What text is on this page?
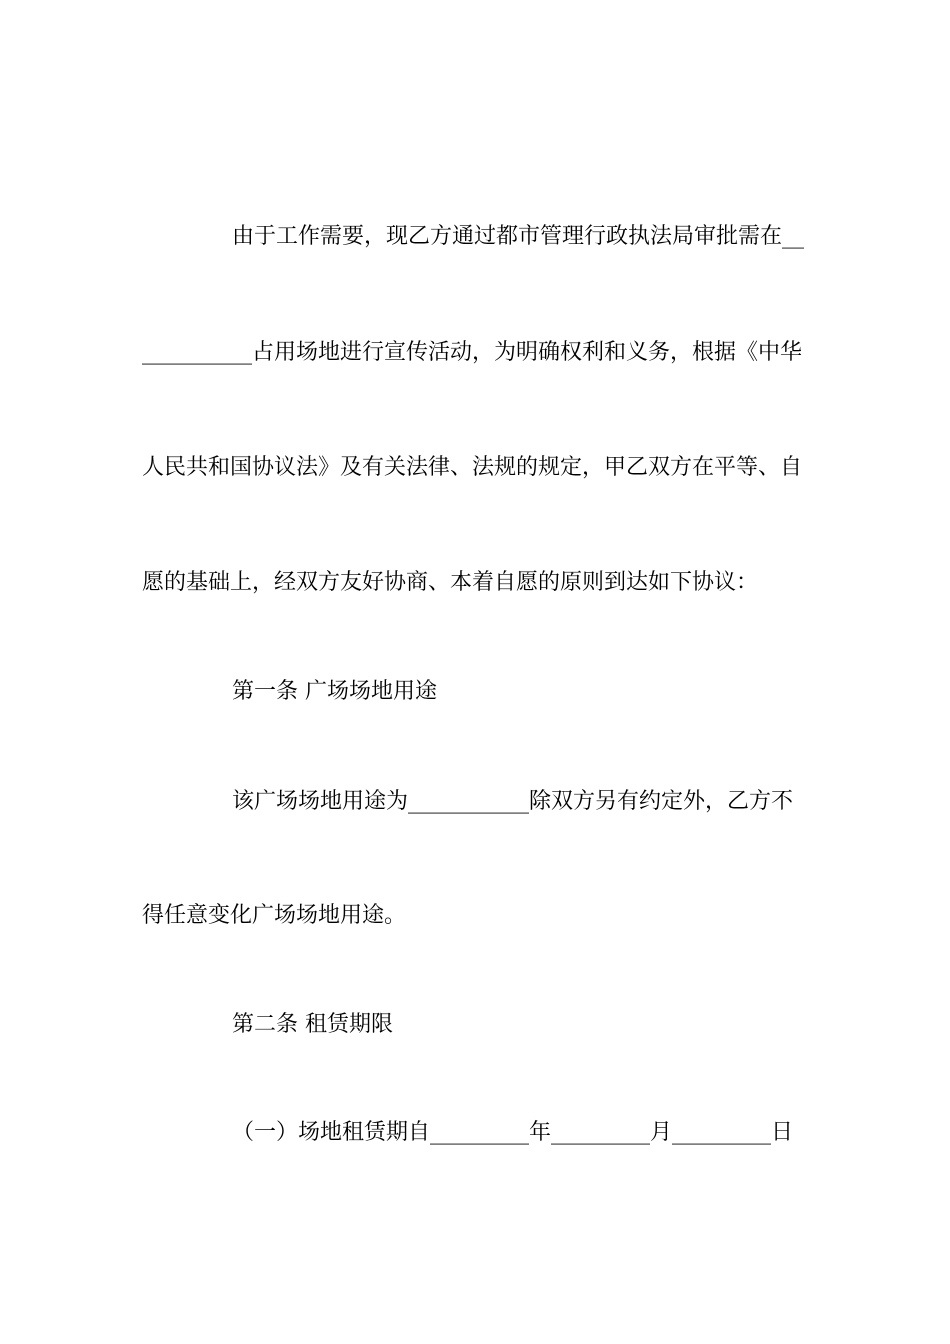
由于工作需要，现乙方通过都市管理行政执法局审批需在__
__________占用场地进行宣传活动，为明确权利和义务，根据《中华
人民共和国协议法》及有关法律、法规的规定，甲乙双方在平等、自
愿的基础上，经双方友好协商、本着自愿的原则到达如下协议：
第一条 广场场地用途
该广场场地用途为___________除双方另有约定外，乙方不
得任意变化广场场地用途。
第二条 租赁期限
（一）场地租赁期自_________年_________月_________日
